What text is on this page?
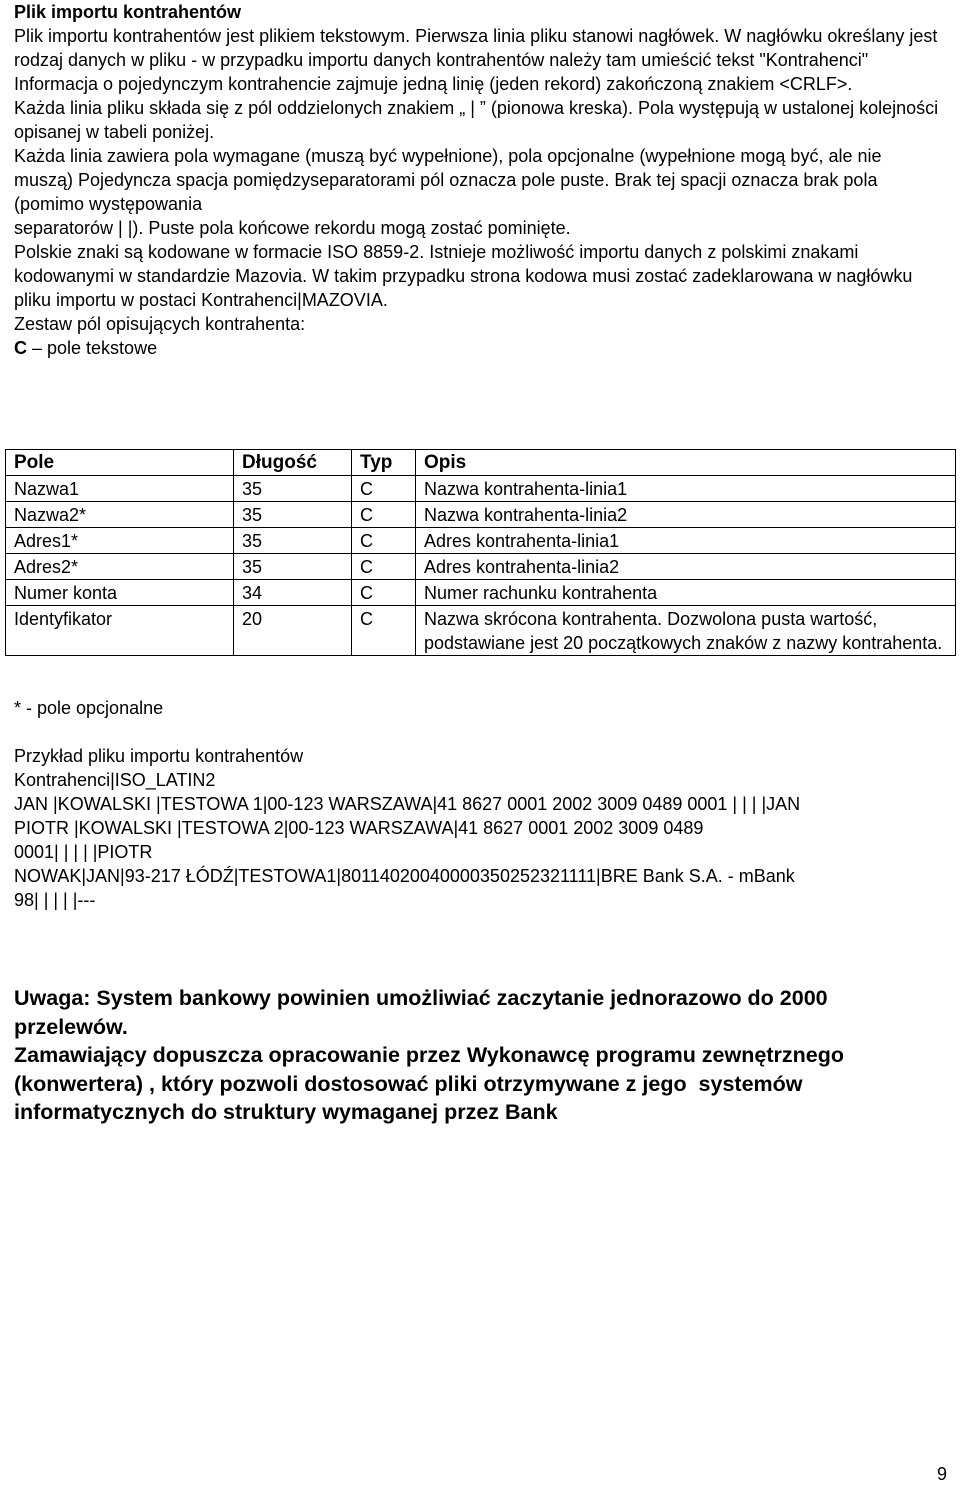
Plik importu kontrahentów

Plik importu kontrahentów jest plikiem tekstowym. Pierwsza linia pliku stanowi nagłówek. W nagłówku określany jest rodzaj danych w pliku - w przypadku importu danych kontrahentów należy tam umieścić tekst "Kontrahenci"

Informacja o pojedynczym kontrahencie zajmuje jedną linię (jeden rekord) zakończoną znakiem <CRLF>.

Każda linia pliku składa się z pól oddzielonych znakiem „ | ” (pionowa kreska). Pola występują w ustalonej kolejności opisanej w tabeli poniżej.

Każda linia zawiera pola wymagane (muszą być wypełnione), pola opcjonalne (wypełnione mogą być, ale nie muszą) Pojedyncza spacja pomiędzyseparatorami pól oznacza pole puste. Brak tej spacji oznacza brak pola (pomimo występowania

separatorów | |). Puste pola końcowe rekordu mogą zostać pominięte.

Polskie znaki są kodowane w formacie ISO 8859-2. Istnieje możliwość importu danych z polskimi znakami kodowanymi w standardzie Mazovia. W takim przypadku strona kodowa musi zostać zadeklarowana w nagłówku pliku importu w postaci Kontrahenci|MAZOVIA.

Zestaw pól opisujących kontrahenta:

C – pole tekstowe

Pole	Długość	Typ	Opis
Nazwa1	35	C	Nazwa kontrahenta-linia1
Nazwa2*	35	C	Nazwa kontrahenta-linia2
Adres1*	35	C	Adres kontrahenta-linia1
Adres2*	35	C	Adres kontrahenta-linia2
Numer konta	34	C	Numer rachunku kontrahenta
Identyfikator	20	C	Nazwa skrócona kontrahenta. Dozwolona pusta wartość, podstawiane jest 20 początkowych znaków z nazwy kontrahenta.

* - pole opcjonalne

Przykład pliku importu kontrahentów

Kontrahenci|ISO_LATIN2

JAN |KOWALSKI |TESTOWA 1|00-123 WARSZAWA|41 8627 0001 2002 3009 0489 0001 | | | |JAN

PIOTR |KOWALSKI |TESTOWA 2|00-123 WARSZAWA|41 8627 0001 2002 3009 0489

0001| | | | |PIOTR

NOWAK|JAN|93-217 ŁÓDŹ|TESTOWA1|80114020040000350252321111|BRE Bank S.A. - mBank

98| | | | |---

Uwaga: System bankowy powinien umożliwiać zaczytanie jednorazowo do 2000 przelewów.

Zamawiający dopuszcza opracowanie przez Wykonawcę programu zewnętrznego (konwertera) , który pozwoli dostosować pliki otrzymywane z jego  systemów informatycznych do struktury wymaganej przez Bank

9
